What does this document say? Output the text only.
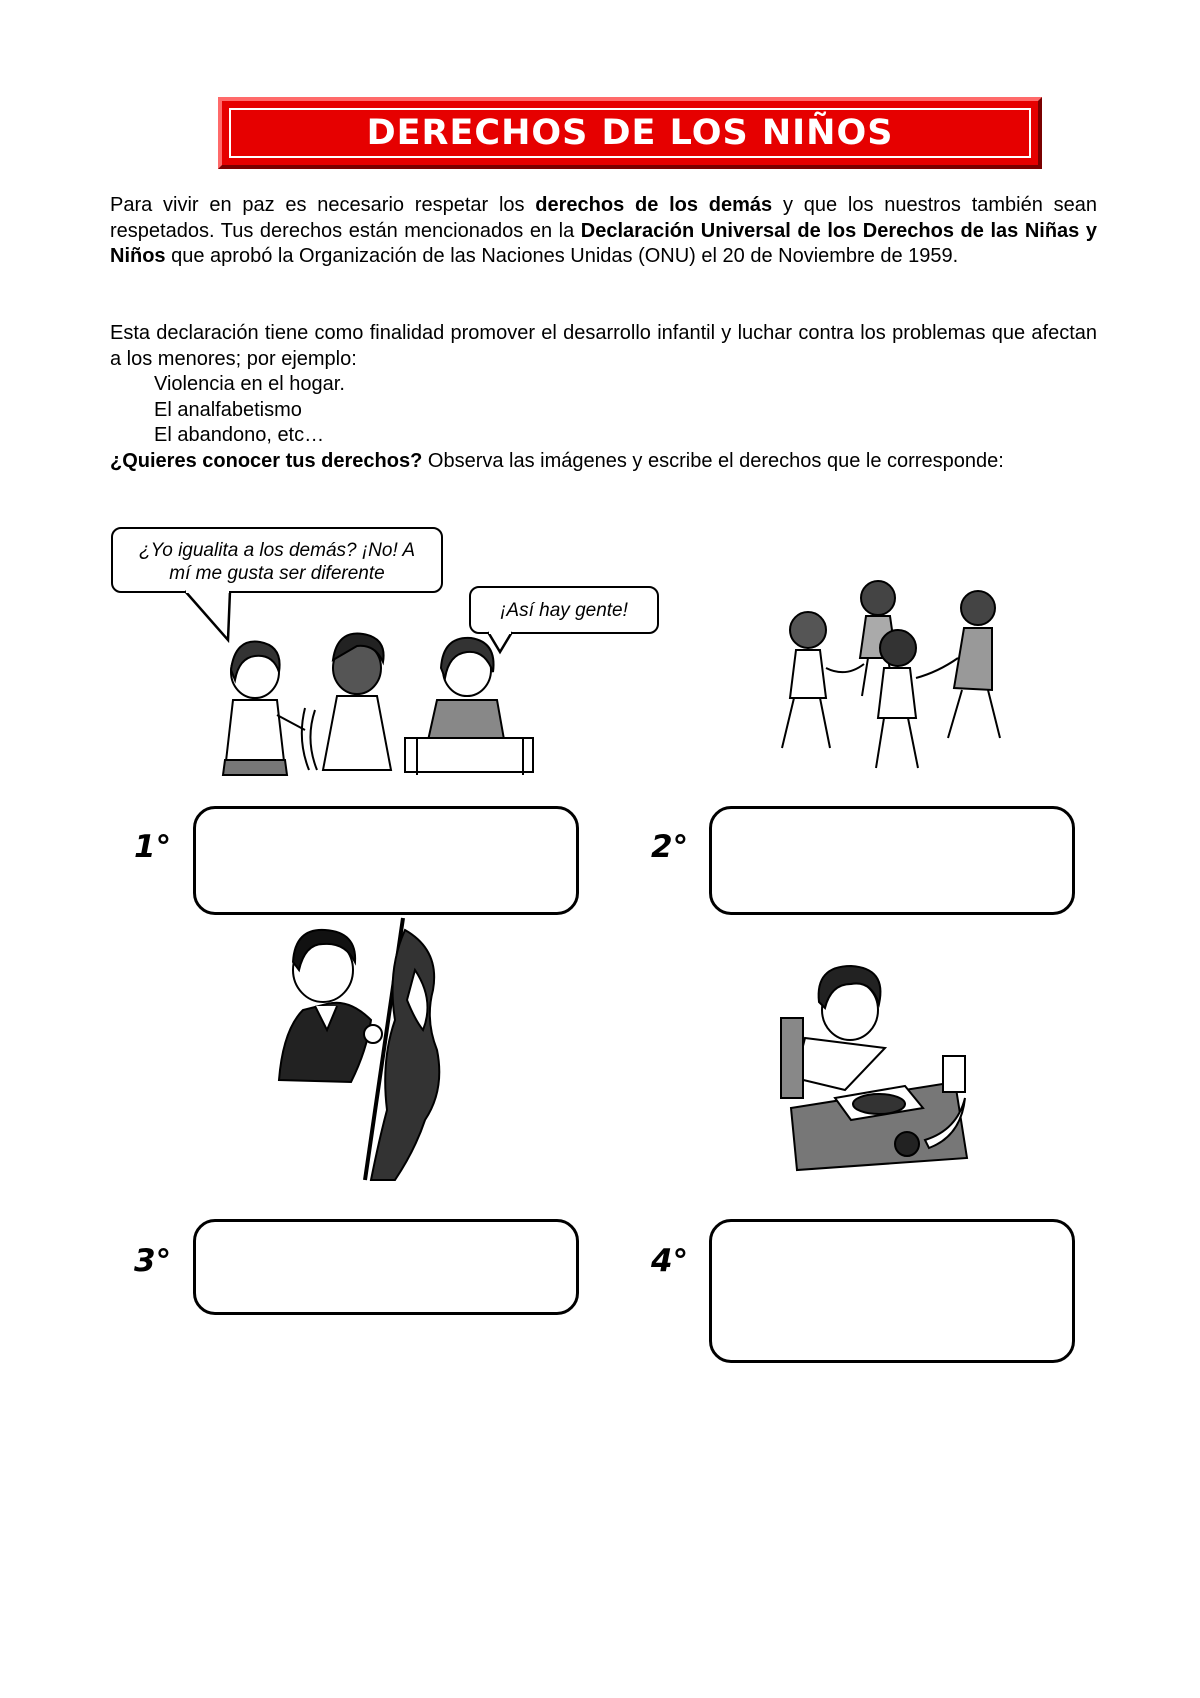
DERECHOS DE LOS NIÑOS

Para vivir en paz es necesario respetar los derechos de los demás y que los nuestros también sean respetados. Tus derechos están mencionados en la Declaración Universal de los Derechos de las Niñas y Niños que aprobó la Organización de las Naciones Unidas (ONU) el 20 de Noviembre de 1959.

Esta declaración tiene como finalidad promover el desarrollo infantil y luchar contra los problemas que afectan a los menores; por ejemplo:

Violencia en el hogar.
El analfabetismo
El abandono, etc…

¿Quieres conocer tus derechos? Observa las imágenes y escribe el derechos que le corresponde:

¿Yo igualita a los demás? ¡No! A mí me gusta ser diferente
¡Así hay gente!
1°	2°
3°	4°
